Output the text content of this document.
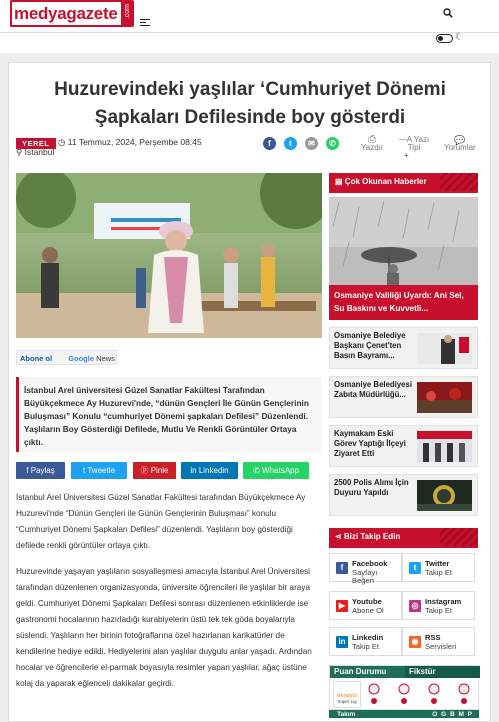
medyagazete .com
☾
Huzurevindeki yaşlılar ‘Cumhuriyet Dönemi
Şapkaları Defilesinde boy gösterdi
YEREL ◷ 11 Temmuz, 2024, Perşembe 08:45
⚲ İstanbul
f	t	✉	✆	⎙
Yazdır
—A Yazı Tipi
+
💬
Yorumlar
Abone ol Google News
İstanbul Arel üniversitesi Güzel Sanatlar Fakültesi Tarafından Büyükçekmece Ay Huzurevi'nde, “dünün Gençleri İle Günün Gençlerinin Buluşması” Konulu “cumhuriyet Dönemi şapkaları Defilesi” Düzenlendi. Yaşlıların Boy Gösterdiği Defilede, Mutlu Ve Renkli Görüntüler Ortaya çıktı.
f Paylaş	t Tweetle	ⓟ Pinle	in Linkedin	✆ WhatsApp
İstanbul Arel Üniversitesi Güzel Sanatlar Fakültesi tarafından Büyükçekmece Ay Huzurevi'nde “Dünün Gençleri ile Günün Gençlerinin Buluşması” konulu “Cumhuriyet Dönemi Şapkaları Defilesi” düzenlendi. Yaşlıların boy gösterdiği defilede renkli görüntüler ortaya çıktı.
Huzurevinde yaşayan yaşlıların sosyalleşmesi amacıyla İstanbul Arel Üniversitesi tarafından düzenlenen organizasyonda, üniversite öğrencileri ile yaşlılar bir araya geldi. Cumhuriyet Dönemi Şapkaları Defilesi sonrası düzenlenen etkinliklerde ise gastronomi hocalarının hazırladığı kurabiyelerin üstü tek tek göda boyalarıyla süslendi. Yaşlıların her birinin fotoğraflarına özel hazırlanan karikatürler de kendilerine hediye edildi. Hediyelerini alan yaşlılar duygulu anlar yaşadı. Ardından hocalar ve öğrencilerle el-parmak boyasıyla resimler yapan yaşlılar, ağaç üstüne kolaj da yaparak eğlenceli dakikalar geçirdi.
▤ Çok Okunan Haberler
Osmaniye Valiliği Uyardı: Ani Sel, Su Baskını ve Kuvvetli...
Osmaniye Belediye Başkanı Çenet'ten Basın Bayramı...
Osmaniye Belediyesi Zabıta Müdürlüğü...
Kaymakam Eski Görev Yaptığı İlçeyi Ziyaret Etti
2500 Polis Alımı İçin Duyuru Yapıldı
⋖ Bizi Takip Edin
f	Facebook
Sayfayı Beğen
t	Twitter
Takip Et
▶ Youtube
Abone Ol	◎ Instagram
Takip Et
in Linkedin
Takip Et	◉ RSS
Servisleri
Puan Durumu	Fikstür
trendyol
Süper Lig
Takım	O G B M P
